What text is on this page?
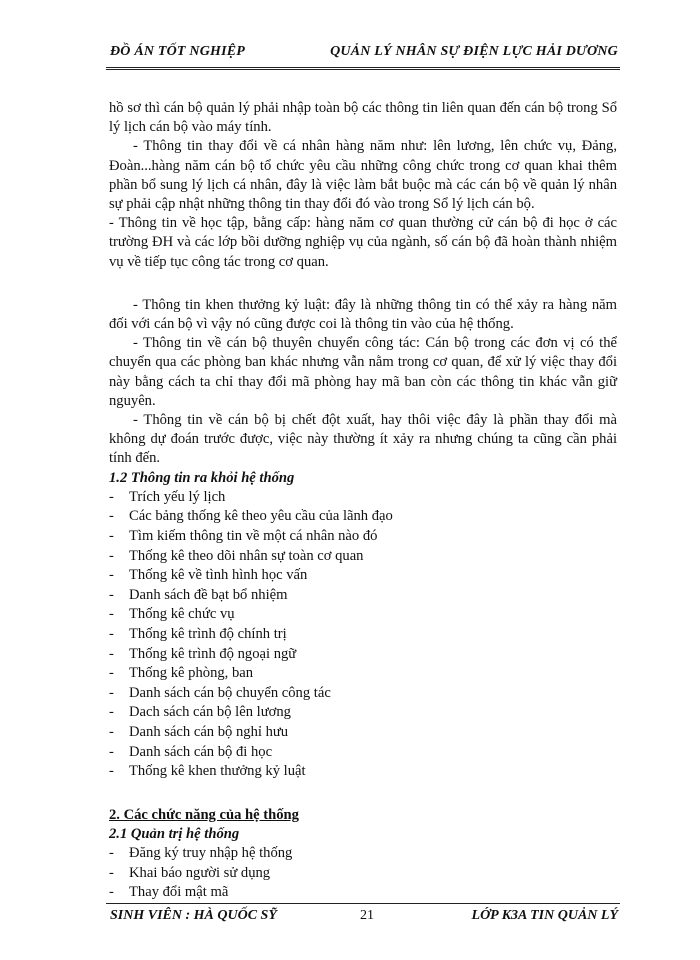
ĐỒ ÁN TỐT NGHIỆP	QUẢN LÝ NHÂN SỰ ĐIỆN LỰC HẢI DƯƠNG

hồ sơ thì cán bộ quản lý phải nhập toàn bộ các thông tin liên quan đến cán bộ trong Sổ lý lịch cán bộ vào máy tính.

- Thông tin thay đổi về cá nhân hàng năm như: lên lương, lên chức vụ, Đảng, Đoàn...hàng năm cán bộ tổ chức yêu cầu những công chức trong cơ quan khai thêm phần bổ sung lý lịch cá nhân, đây là việc làm bắt buộc mà các cán bộ về quản lý nhân sự phải cập nhật những thông tin thay đổi đó vào trong Sổ lý lịch cán bộ.

- Thông tin về học tập, bằng cấp: hàng năm cơ quan thường cử cán bộ đi học ở các trường ĐH và các lớp bồi dưỡng nghiệp vụ của ngành, số cán bộ đã hoàn thành nhiệm vụ về tiếp tục công tác trong cơ quan.

- Thông tin khen thưởng kỷ luật: đây là những thông tin có thể xảy ra hàng năm đối với cán bộ vì vậy nó cũng được coi là thông tin vào của hệ thống.

- Thông tin về cán bộ thuyên chuyển công tác: Cán bộ trong các đơn vị có thể chuyển qua các phòng ban khác nhưng vẫn nằm trong cơ quan, để xử lý việc thay đổi này bằng cách ta chỉ thay đổi mã phòng hay mã ban còn các thông tin khác vẫn giữ nguyên.

- Thông tin về cán bộ bị chết đột xuất, hay thôi việc đây là phần thay đổi mà không dự đoán trước được, việc này thường ít xảy ra nhưng chúng ta cũng cần phải tính đến.

1.2 Thông tin ra khỏi hệ thống

- Trích yếu lý lịch
- Các bảng thống kê theo yêu cầu của lãnh đạo
- Tìm kiếm thông tin về một cá nhân nào đó
- Thống kê theo dõi nhân sự toàn cơ quan
- Thống kê về tình hình học vấn
- Danh sách đề bạt bổ nhiệm
- Thống kê chức vụ
- Thống kê trình độ chính trị
- Thống kê trình độ ngoại ngữ
- Thống kê phòng, ban
- Danh sách cán bộ chuyển công tác
- Dach sách cán bộ lên lương
- Danh sách cán bộ nghỉ hưu
- Danh sách cán bộ đi học
- Thống kê khen thưởng kỷ luật

2. Các chức năng của hệ thống

2.1 Quản trị hệ thống

- Đăng ký truy nhập hệ thống
- Khai báo người sử dụng
- Thay đổi mật mã
SINH VIÊN : HÀ QUỐC SỸ	21	LỚP K3A TIN QUẢN LÝ
